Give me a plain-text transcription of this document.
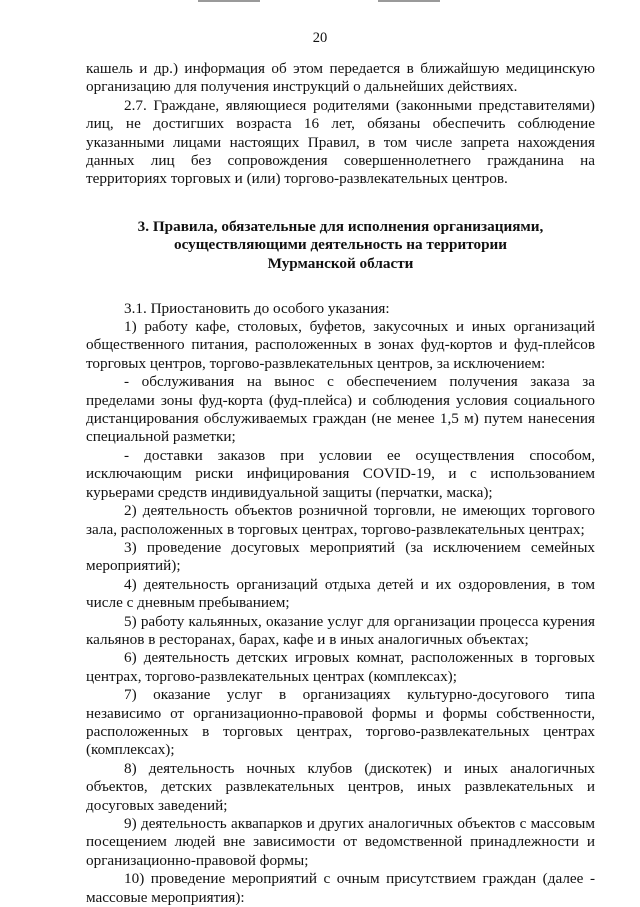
20

кашель и др.) информация об этом передается в ближайшую медицинскую организацию для получения инструкций о дальнейших действиях.

2.7. Граждане, являющиеся родителями (законными представителями) лиц, не достигших возраста 16 лет, обязаны обеспечить соблюдение указанными лицами настоящих Правил, в том числе запрета нахождения данных лиц без сопровождения совершеннолетнего гражданина на территориях торговых и (или) торгово-развлекательных центров.

3. Правила, обязательные для исполнения организациями,
осуществляющими деятельность на территории
Мурманской области

3.1. Приостановить до особого указания:

1) работу кафе, столовых, буфетов, закусочных и иных организаций общественного питания, расположенных в зонах фуд-кортов и фуд-плейсов торговых центров, торгово-развлекательных центров, за исключением:

- обслуживания на вынос с обеспечением получения заказа за пределами зоны фуд-корта (фуд-плейса) и соблюдения условия социального дистанцирования обслуживаемых граждан (не менее 1,5 м) путем нанесения специальной разметки;

- доставки заказов при условии ее осуществления способом, исключающим риски инфицирования COVID-19, и с использованием курьерами средств индивидуальной защиты (перчатки, маска);

2) деятельность объектов розничной торговли, не имеющих торгового зала, расположенных в торговых центрах, торгово-развлекательных центрах;

3) проведение досуговых мероприятий (за исключением семейных мероприятий);

4) деятельность организаций отдыха детей и их оздоровления, в том числе с дневным пребыванием;

5) работу кальянных, оказание услуг для организации процесса курения кальянов в ресторанах, барах, кафе и в иных аналогичных объектах;

6) деятельность детских игровых комнат, расположенных в торговых центрах, торгово-развлекательных центрах (комплексах);

7) оказание услуг в организациях культурно-досугового типа независимо от организационно-правовой формы и формы собственности, расположенных в торговых центрах, торгово-развлекательных центрах (комплексах);

8) деятельность ночных клубов (дискотек) и иных аналогичных объектов, детских развлекательных центров, иных развлекательных и досуговых заведений;

9) деятельность аквапарков и других аналогичных объектов с массовым посещением людей вне зависимости от ведомственной принадлежности и организационно-правовой формы;

10) проведение мероприятий с очным присутствием граждан (далее - массовые мероприятия):
